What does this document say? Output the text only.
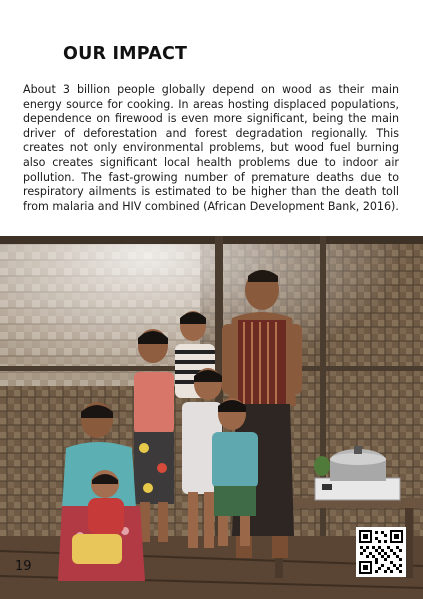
OUR IMPACT

About 3 billion people globally depend on wood as their main energy source for cooking. In areas hosting displaced populations, dependence on firewood is even more significant, being the main driver of deforestation and forest degradation regionally. This creates not only environmental problems, but wood fuel burning also creates significant local health problems due to indoor air pollution. The fast-growing number of premature deaths due to respiratory ailments is estimated to be higher than the death toll from malaria and HIV combined (African Development Bank, 2016).

19
